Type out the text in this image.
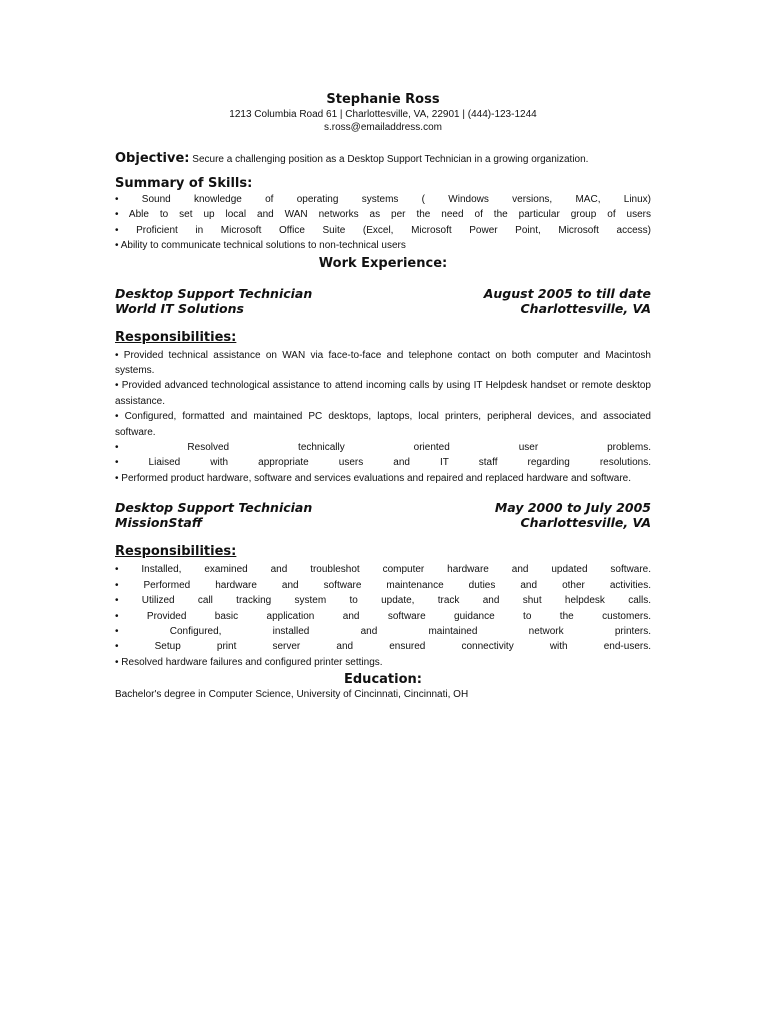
Stephanie Ross

1213 Columbia Road 61 | Charlottesville, VA, 22901 | (444)-123-1244

s.ross@emailaddress.com

Objective: Secure a challenging position as a Desktop Support Technician in a growing organization.

Summary of Skills:

• Sound knowledge of operating systems ( Windows versions, MAC, Linux)
• Able to set up local and WAN networks as per the need of the particular group of users
• Proficient in Microsoft Office Suite (Excel, Microsoft Power Point, Microsoft access)
• Ability to communicate technical solutions to non-technical users

Work Experience:

Desktop Support Technician	August 2005 to till date
World IT Solutions	Charlottesville, VA

Responsibilities:

• Provided technical assistance on WAN via face-to-face and telephone contact on both computer and Macintosh systems.
• Provided advanced technological assistance to attend incoming calls by using IT Helpdesk handset or remote desktop assistance.
• Configured, formatted and maintained PC desktops, laptops, local printers, peripheral devices, and associated software.
• Resolved technically oriented user problems.
• Liaised with appropriate users and IT staff regarding resolutions.
• Performed product hardware, software and services evaluations and repaired and replaced hardware and software.
Desktop Support Technician	May 2000 to July 2005
MissionStaff	Charlottesville, VA

Responsibilities:

• Installed, examined and troubleshot computer hardware and updated software.
• Performed hardware and software maintenance duties and other activities.
• Utilized call tracking system to update, track and shut helpdesk calls.
• Provided basic application and software guidance to the customers.
• Configured, installed and maintained network printers.
• Setup print server and ensured connectivity with end-users.
• Resolved hardware failures and configured printer settings.

Education:

Bachelor's degree in Computer Science, University of Cincinnati, Cincinnati, OH
